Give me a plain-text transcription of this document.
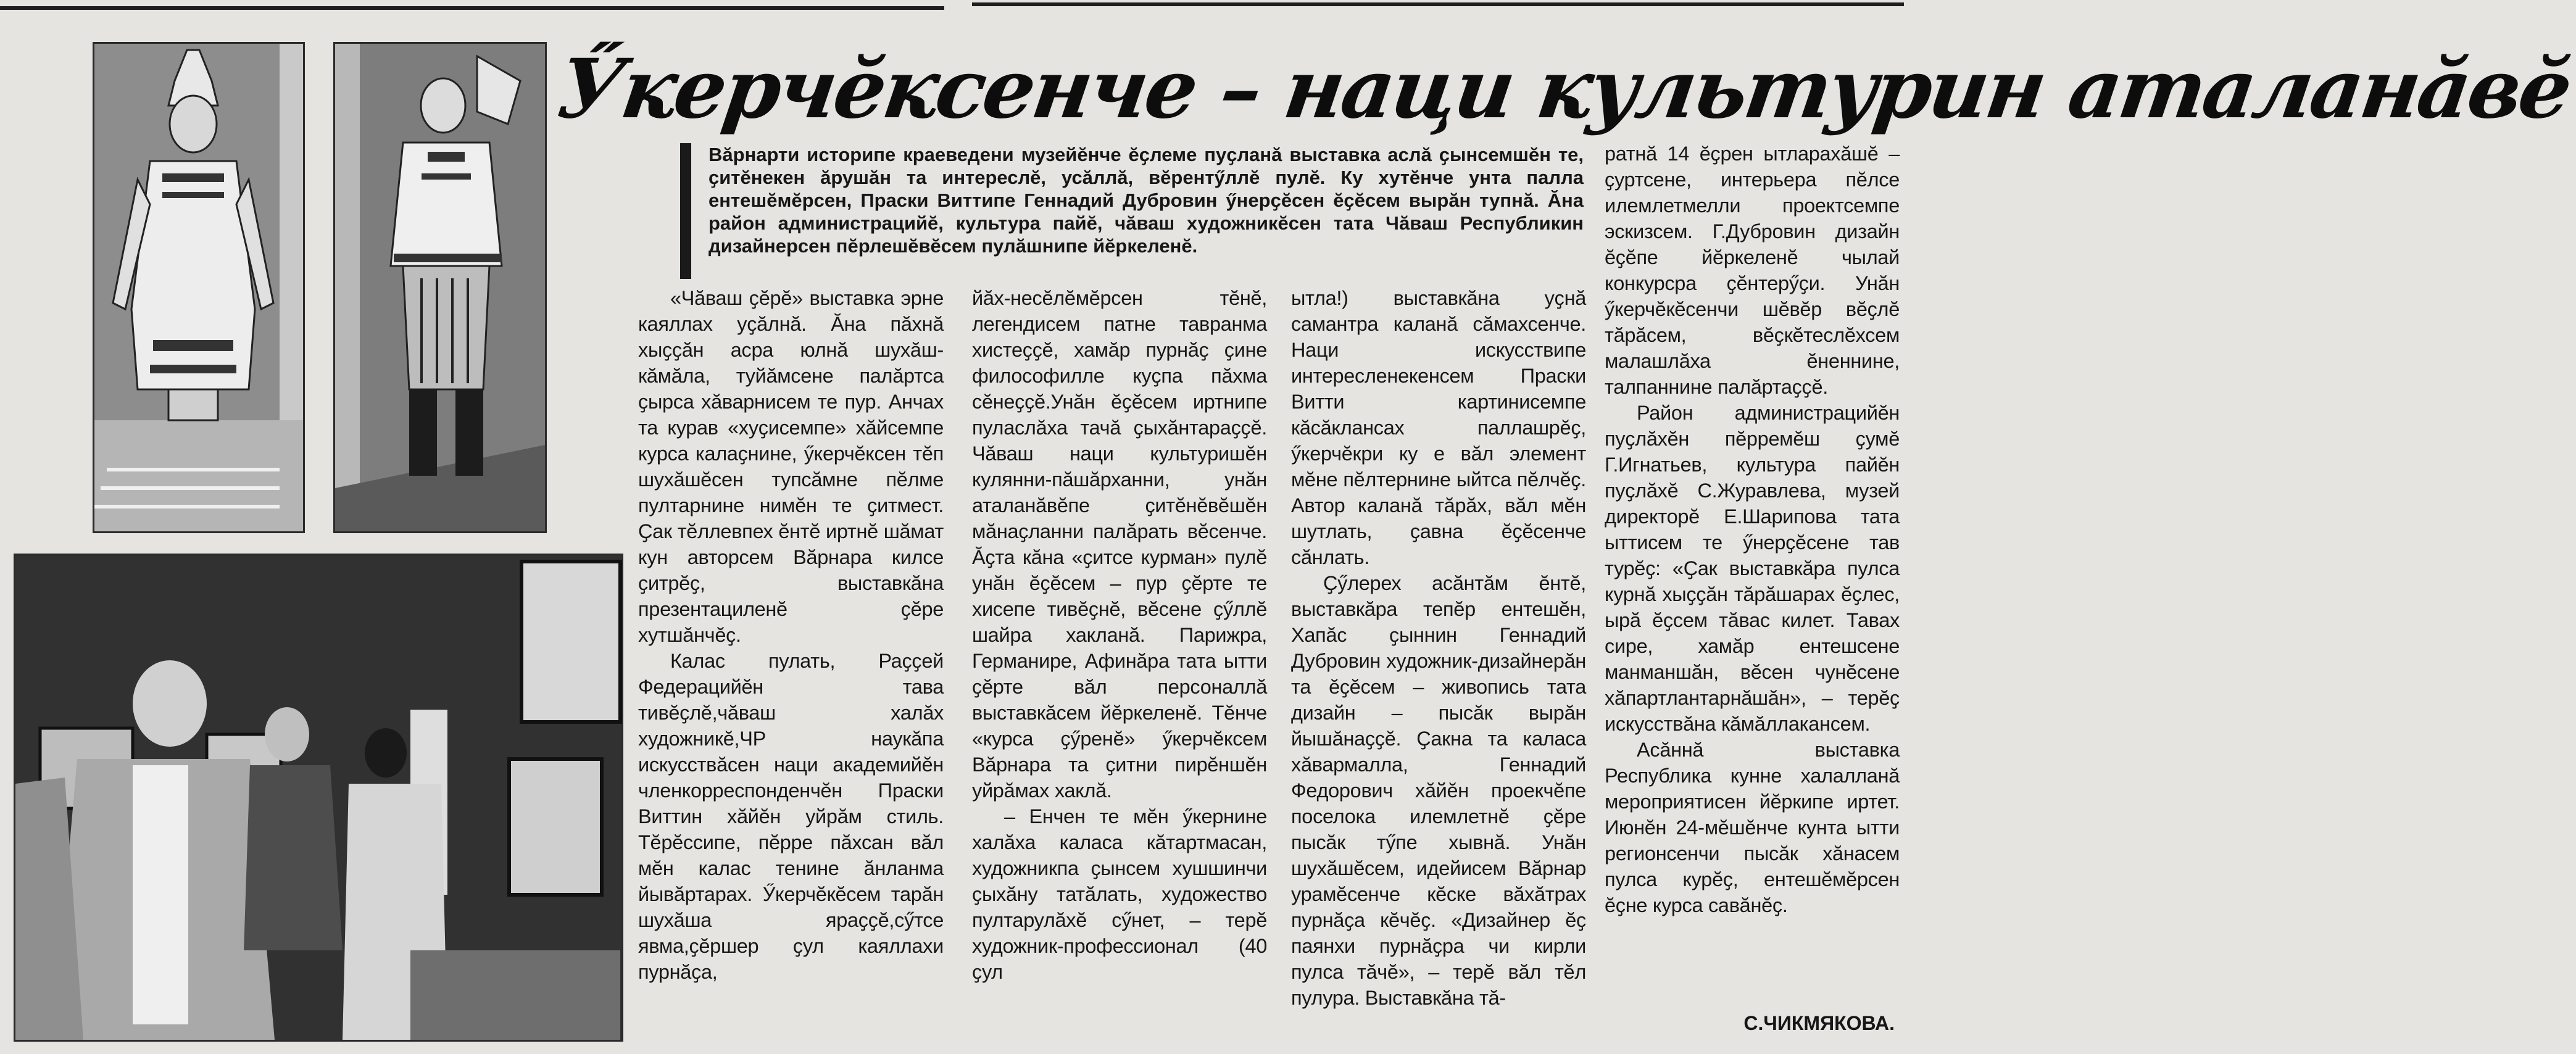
Ӳкерчӗксенче – наци культурин аталанӑвӗ

Вӑрнарти историпе краеведени музейӗнче ӗҫлеме пуҫланӑ выставка аслӑ ҫынсемшӗн те, ҫитӗнекен ӑрушӑн та интереслӗ, усӑллӑ, вӗрентӳллӗ пулӗ. Ку хутӗнче унта палла ентешӗмӗрсен, Праски Виттипе Геннадий Дубровин ӳнерҫӗсен ӗҫӗсем вырӑн тупнӑ. Ӑна район администрацийӗ, культура пайӗ, чӑваш художникӗсен тата Чӑваш Республикин дизайнерсен пӗрлешӗвӗсем пулӑшнипе йӗркеленӗ.

«Чӑваш ҫӗрӗ» выставка эрне каяллах уҫӑлнӑ. Ӑна пӑхнӑ хыҫҫӑн асра юлнӑ шухӑш-кӑмӑла, туйӑмсене палӑртса ҫырса хӑварнисем те пур. Анчах та курав «хуҫисемпе» хӑйсемпе курса калаҫнине, ӳкерчӗксен тӗп шухӑшӗсен тупсӑмне пӗлме пултарнине нимӗн те ҫитмест. Ҫак тӗллевпех ӗнтӗ иртнӗ шӑмат кун авторсем Вӑрнара килсе ҫитрӗҫ, выставкӑна презентациленӗ ҫӗре хутшӑнчӗҫ.

Калас пулать, Раҫҫей Федерацийӗн тава тивӗҫлӗ,чӑваш халӑх художникӗ,ЧР наукӑпа искусствӑсен наци академийӗн членкорреспонденчӗн Праски Виттин хӑйӗн уйрӑм стиль. Тӗрӗссипе, пӗрре пӑхсан вӑл мӗн калас тенине ӑнланма йывӑртарах. Ӳкерчӗкӗсем тарӑн шухӑша яраҫҫӗ,сӳтсе явма,ҫӗршер ҫул каяллахи пурнӑҫа,

йӑх-несӗлӗмӗрсен тӗнӗ, легендисем патне тавранма хистеҫҫӗ, хамӑр пурнӑҫ ҫине философилле куҫпа пӑхма сӗнеҫҫӗ.Унӑн ӗҫӗсем иртнипе пуласлӑха тачӑ ҫыхӑнтараҫҫӗ. Чӑваш наци культуришӗн кулянни-пӑшӑрханни, унӑн аталанӑвӗпе ҫитӗнӗвӗшӗн мӑнаҫланни палӑрать вӗсенче. Ӑҫта кӑна «ҫитсе курман» пулӗ унӑн ӗҫӗсем – пур ҫӗрте те хисепе тивӗҫнӗ, вӗсене ҫӳллӗ шайра хакланӑ. Парижра, Германире, Афинӑра тата ытти ҫӗрте вӑл персоналлӑ выставкӑсем йӗркеленӗ. Тӗнче «курса ҫӳренӗ» ӳкерчӗксем Вӑрнара та ҫитни пирӗншӗн уйрӑмах хаклӑ.

– Енчен те мӗн ӳкернине халӑха каласа кӑтартмасан, художникпа ҫынсем хушшинчи ҫыхӑну татӑлать, художество пултарулӑхӗ сӳнет, – терӗ художник-профессионал (40 ҫул

ытла!) выставкӑна уҫнӑ самантра каланӑ сӑмахсенче. Наци искусствипе интересленекенсем Праски Витти картинисемпе кӑсӑклансах паллашрӗҫ, ӳкерчӗкри ку е вӑл элемент мӗне пӗлтернине ыйтса пӗлчӗҫ. Автор каланӑ тӑрӑх, вӑл мӗн шутлать, ҫавна ӗҫӗсенче сӑнлать.

Ҫӳлерех асӑнтӑм ӗнтӗ, выставкӑра тепӗр ентешӗн, Хапӑс ҫыннин Геннадий Дубровин художник-дизайнерӑн та ӗҫӗсем – живопись тата дизайн – пысӑк вырӑн йышӑнаҫҫӗ. Ҫакна та каласа хӑвармалла, Геннадий Федорович хӑйӗн проекчӗпе поселока илемлетнӗ ҫӗре пысӑк тӳпе хывнӑ. Унӑн шухӑшӗсем, идейисем Вӑрнар урамӗсенче кӗске вӑхӑтрах пурнӑҫа кӗчӗҫ. «Дизайнер ӗҫ паянхи пурнӑҫра чи кирли пулса тӑчӗ», – терӗ вӑл тӗл пулура. Выставкӑна тӑ-

ратнӑ 14 ӗҫрен ытларахӑшӗ – ҫуртсене, интерьера пӗлсе илемлетмелли проектсемпе эскизсем. Г.Дубровин дизайн ӗҫӗпе йӗркеленӗ чылай конкурсра ҫӗнтерӳҫи. Унӑн ӳкерчӗкӗсенчи шӗвӗр вӗҫлӗ тӑрӑсем, вӗҫкӗтеслӗхсем малашлӑха ӗненнине, талпаннине палӑртаҫҫӗ.

Район администрацийӗн пуҫлӑхӗн пӗрремӗш ҫумӗ Г.Игнатьев, культура пайӗн пуҫлӑхӗ С.Журавлева, музей директорӗ Е.Шарипова тата ыттисем те ӳнерҫӗсене тав турӗҫ: «Ҫак выставкӑра пулса курнӑ хыҫҫӑн тӑрӑшарах ӗҫлес, ырӑ ӗҫсем тӑвас килет. Тавах сире, хамӑр ентешсене манманшӑн, вӗсен чунӗсене хӑпартлантарнӑшӑн», – терӗҫ искусствӑна кӑмӑллакансем.

Асӑннӑ выставка Республика кунне халалланӑ мероприятисен йӗркипе иртет. Июнӗн 24-мӗшӗнче кунта ытти регионсенчи пысӑк хӑнасем пулса курӗҫ, ентешӗмӗрсен ӗҫне курса савӑнӗҫ.

С.ЧИКМЯКОВА.
